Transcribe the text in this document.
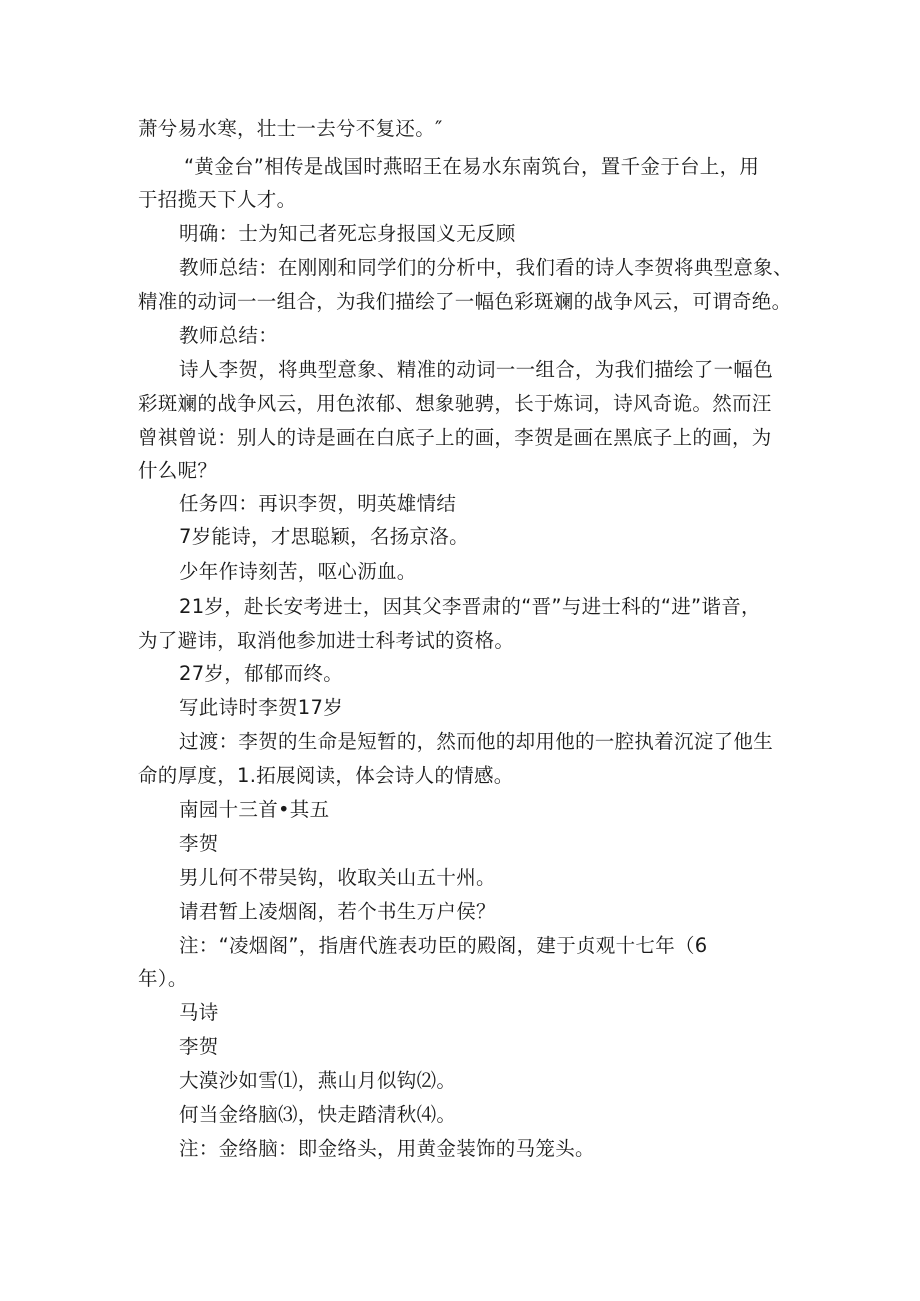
萧兮易水寒，壮士一去兮不复还。″
“黄金台”相传是战国时燕昭王在易水东南筑台，置千金于台上，用
于招揽天下人才。
明确：士为知己者死忘身报国义无反顾
教师总结：在刚刚和同学们的分析中，我们看的诗人李贺将典型意象、
精准的动词一一组合，为我们描绘了一幅色彩斑斓的战争风云，可谓奇绝。
教师总结：
诗人李贺，将典型意象、精准的动词一一组合，为我们描绘了一幅色
彩斑斓的战争风云，用色浓郁、想象驰骋，长于炼词，诗风奇诡。然而汪
曾祺曾说：别人的诗是画在白底子上的画，李贺是画在黑底子上的画，为
什么呢？
任务四：再识李贺，明英雄情结
7岁能诗，才思聪颖，名扬京洛。
少年作诗刻苦，呕心沥血。
21岁，赴长安考进士，因其父李晋肃的“晋”与进士科的“进”谐音，
为了避讳，取消他参加进士科考试的资格。
27岁，郁郁而终。
写此诗时李贺17岁
过渡：李贺的生命是短暂的，然而他的却用他的一腔执着沉淀了他生
命的厚度，1.拓展阅读，体会诗人的情感。
南园十三首•其五
李贺
男儿何不带吴钩，收取关山五十州。
请君暂上凌烟阁，若个书生万户侯？
注：“凌烟阁”，指唐代旌表功臣的殿阁，建于贞观十七年（6
年）。
马诗
李贺
大漠沙如雪⑴，燕山月似钩⑵。
何当金络脑⑶，快走踏清秋⑷。
注：金络脑：即金络头，用黄金装饰的马笼头。
